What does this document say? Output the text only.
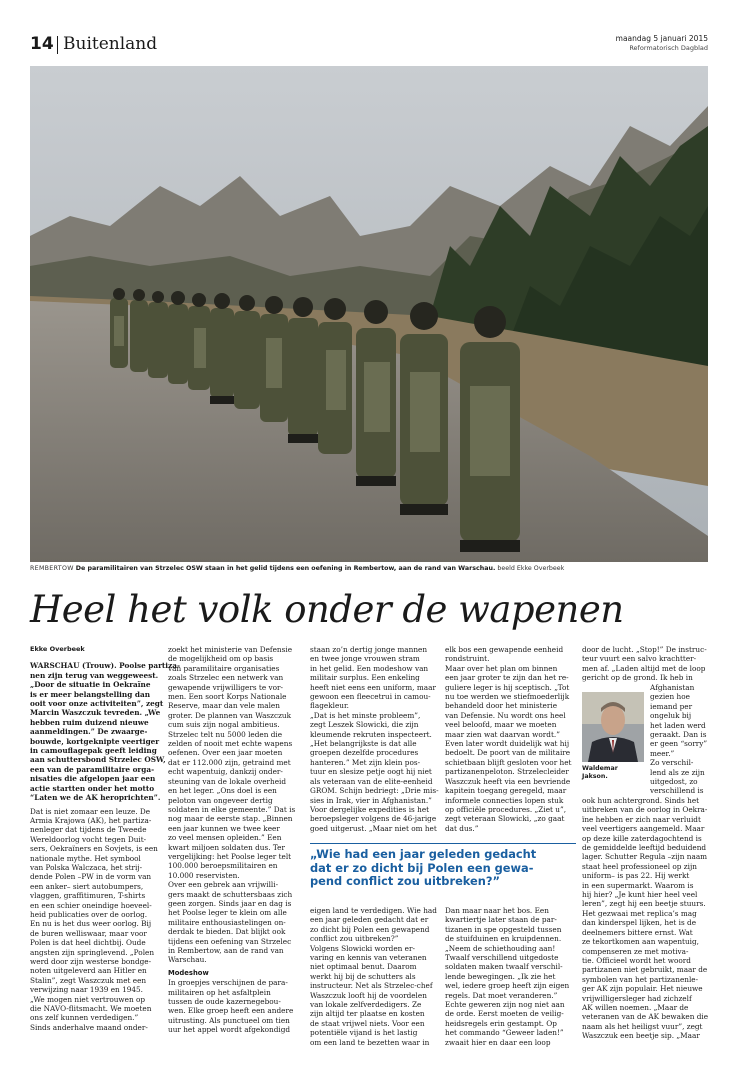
14 Buitenland	maandag 5 januari 2015
Reformatorisch Dagblad
REMBERTOW De paramilitairen van Strzelec OSW staan in het gelid tijdens een oefening in Rembertow, aan de rand van Warschau. beeld Ekke Overbeek
Heel het volk onder de wapenen
Ekke Overbeek
WARSCHAU (Trouw). Poolse partiza-
nen zijn terug van weggeweest.
„Door de situatie in Oekraïne
is er meer belangstelling dan
ooit voor onze activiteiten”, zegt
Marcin Waszczuk tevreden. „We
hebben ruim duizend nieuwe
aanmeldingen.” De zwaarge-
bouwde, kortgeknipte veertiger
in camouflagepak geeft leiding
aan schuttersbond Strzelec OSW,
een van de paramilitaire orga-
nisaties die afgelopen jaar een
actie startten onder het motto
“Laten we de AK heroprichten”.
Dat is niet zomaar een leuze. De
Armia Krajowa (AK), het partiza-
nenleger dat tijdens de Tweede
Wereldoorlog vocht tegen Duit-
sers, Oekraïners en Sovjets, is een
nationale mythe. Het symbool
van Polska Walczaca, het strij-
dende Polen –PW in de vorm van
een anker– siert autobumpers,
vlaggen, graffitimuren, T-shirts
en een schier oneindige hoeveel-
heid publicaties over de oorlog.
En nu is het dus weer oorlog. Bij
de buren welliswaar, maar voor
Polen is dat heel dichtbij. Oude
angsten zijn springlevend. „Polen
werd door zijn westerse bondge-
noten uitgeleverd aan Hitler en
Stalin”, zegt Waszczuk met een
verwijzing naar 1939 en 1945.
„We mogen niet vertrouwen op
die NAVO-flitsmacht. We moeten
ons zelf kunnen verdedigen.”
Sinds anderhalve maand onder-
zoekt het ministerie van Defensie
de mogelijkheid om op basis
van paramilitaire organisaties
zoals Strzelec een netwerk van
gewapende vrijwilligers te vor-
men. Een soort Korps Nationale
Reserve, maar dan vele malen
groter. De plannen van Waszczuk
cum suis zijn nogal ambitieus.
Strzelec telt nu 5000 leden die
zelden of nooit met echte wapens
oefenen. Over een jaar moeten
dat er 112.000 zijn, getraind met
echt wapentuig, dankzij onder-
steuning van de lokale overheid
en het leger. „Ons doel is een
peloton van ongeveer dertig
soldaten in elke gemeente.” Dat is
nog maar de eerste stap. „Binnen
een jaar kunnen we twee keer
zo veel mensen opleiden.” Een
kwart miljoen soldaten dus. Ter
vergelijking: het Poolse leger telt
100.000 beroepsmilitairen en
10.000 reservisten.
Over een gebrek aan vrijwilli-
gers maakt de schuttersbaas zich
geen zorgen. Sinds jaar en dag is
het Poolse leger te klein om alle
militaire enthousiastelingen on-
derdak te bieden. Dat blijkt ook
tijdens een oefening van Strzelec
in Rembertow, aan de rand van
Warschau.
Modeshow
In groepjes verschijnen de para-
militairen op het asfaltplein
tussen de oude kazernegebou-
wen. Elke groep heeft een andere
uitrusting. Als punctueel om tien
uur het appel wordt afgekondigd
staan zo’n dertig jonge mannen
en twee jonge vrouwen stram
in het gelid. Een modeshow van
militair surplus. Een enkeling
heeft niet eens een uniform, maar
gewoon een fleecetrui in camou-
flagekleur.
„Dat is het minste probleem”,
zegt Leszek Slowicki, die zijn
kleumende rekruten inspecteert.
„Het belangrijkste is dat alle
groepen dezelfde procedures
hanteren.” Met zijn klein pos-
tuur en slesize petje oogt hij niet
als veteraan van de elite-eenheid
GROM. Schijn bedriegt: „Drie mis-
sies in Irak, vier in Afghanistan.”
Voor dergelijke expedities is het
beroepsleger volgens de 46-jarige
goed uitgerust. „Maar niet om het
eigen land te verdedigen. Wie had
een jaar geleden gedacht dat er
zo dicht bij Polen een gewapend
conflict zou uitbreken?”
Volgens Slowicki worden er-
varing en kennis van veteranen
niet optimaal benut. Daarom
werkt hij bij de schutters als
instructeur. Net als Strzelec-chef
Waszczuk looft hij de voordelen
van lokale zelfverdedigers. Ze
zijn altijd ter plaatse en kosten
de staat vrijwel niets. Voor een
potentiële vijand is het lastig
om een land te bezetten waar in
„Wie had een jaar geleden gedacht
dat er zo dicht bij Polen een gewa-
pend conflict zou uitbreken?”
elk bos een gewapende eenheid
rondstruint.
Maar over het plan om binnen
een jaar groter te zijn dan het re-
guliere leger is hij sceptisch. „Tot
nu toe werden we stiefmoederlijk
behandeld door het ministerie
van Defensie. Nu wordt ons heel
veel beloofd, maar we moeten
maar zien wat daarvan wordt.”
Even later wordt duidelijk wat hij
bedoelt. De poort van de militaire
schietbaan blijft gesloten voor het
partizanenpeloton. Strzelecleider
Waszczuk heeft via een bevriende
kapitein toegang geregeld, maar
informele connecties lopen stuk
op officiële procedures. „Ziet u”,
zegt veteraan Slowicki, „zo gaat
dat dus.”
Dan maar naar het bos. Een
kwartiertje later staan de par-
tizanen in spe opgesteld tussen
de stuifduinen en kruipdennen.
„Neem de schiethouding aan!
Twaalf verschillend uitgedoste
soldaten maken twaalf verschil-
lende bewegingen. „Ik zie het
wel, iedere groep heeft zijn eigen
regels. Dat moet veranderen.”
Echte geweren zijn nog niet aan
de orde. Eerst moeten de veilig-
heidsregels erin gestampt. Op
het commando “Geweer laden!”
zwaait hier en daar een loop
door de lucht. „Stop!” De instruc-
teur vuurt een salvo krachtter-
men af. „Laden altijd met de loop
gericht op de grond. Ik heb in
Afghanistan
gezien hoe
iemand per
ongeluk bij
het laden werd
geraakt. Dan is
er geen “sorry”
meer.”
Zo verschil-
lend als ze zijn
uitgedost, zo
verschillend is
ook hun achtergrond. Sinds het
uitbreken van de oorlog in Oekra-
ïne hebben er zich naar verluidt
veel veertigers aangemeld. Maar
op deze kille zaterdagochtend is
de gemiddelde leeftijd beduidend
lager. Schutter Regula –zijn naam
staat heel professioneel op zijn
uniform– is pas 22. Hij werkt
in een supermarkt. Waarom is
hij hier? „Je kunt hier heel veel
leren”, zegt hij een beetje stuurs.
Het gezwaai met replica’s mag
dan kinderspel lijken, het is de
deelnemers bittere ernst. Wat
ze tekortkomen aan wapentuig,
compenseren ze met motiva-
tie. Officieel wordt het woord
partizanen niet gebruikt, maar de
symbolen van het partizanenle-
ger AK zijn populair. Het nieuwe
vrijwilligersleger had zichzelf
AK willen noemen. „Maar de
veteranen van de AK bewaken die
naam als het heiligst vuur”, zegt
Waszczuk een beetje sip. „Maar
Waldemar
Jakson.
